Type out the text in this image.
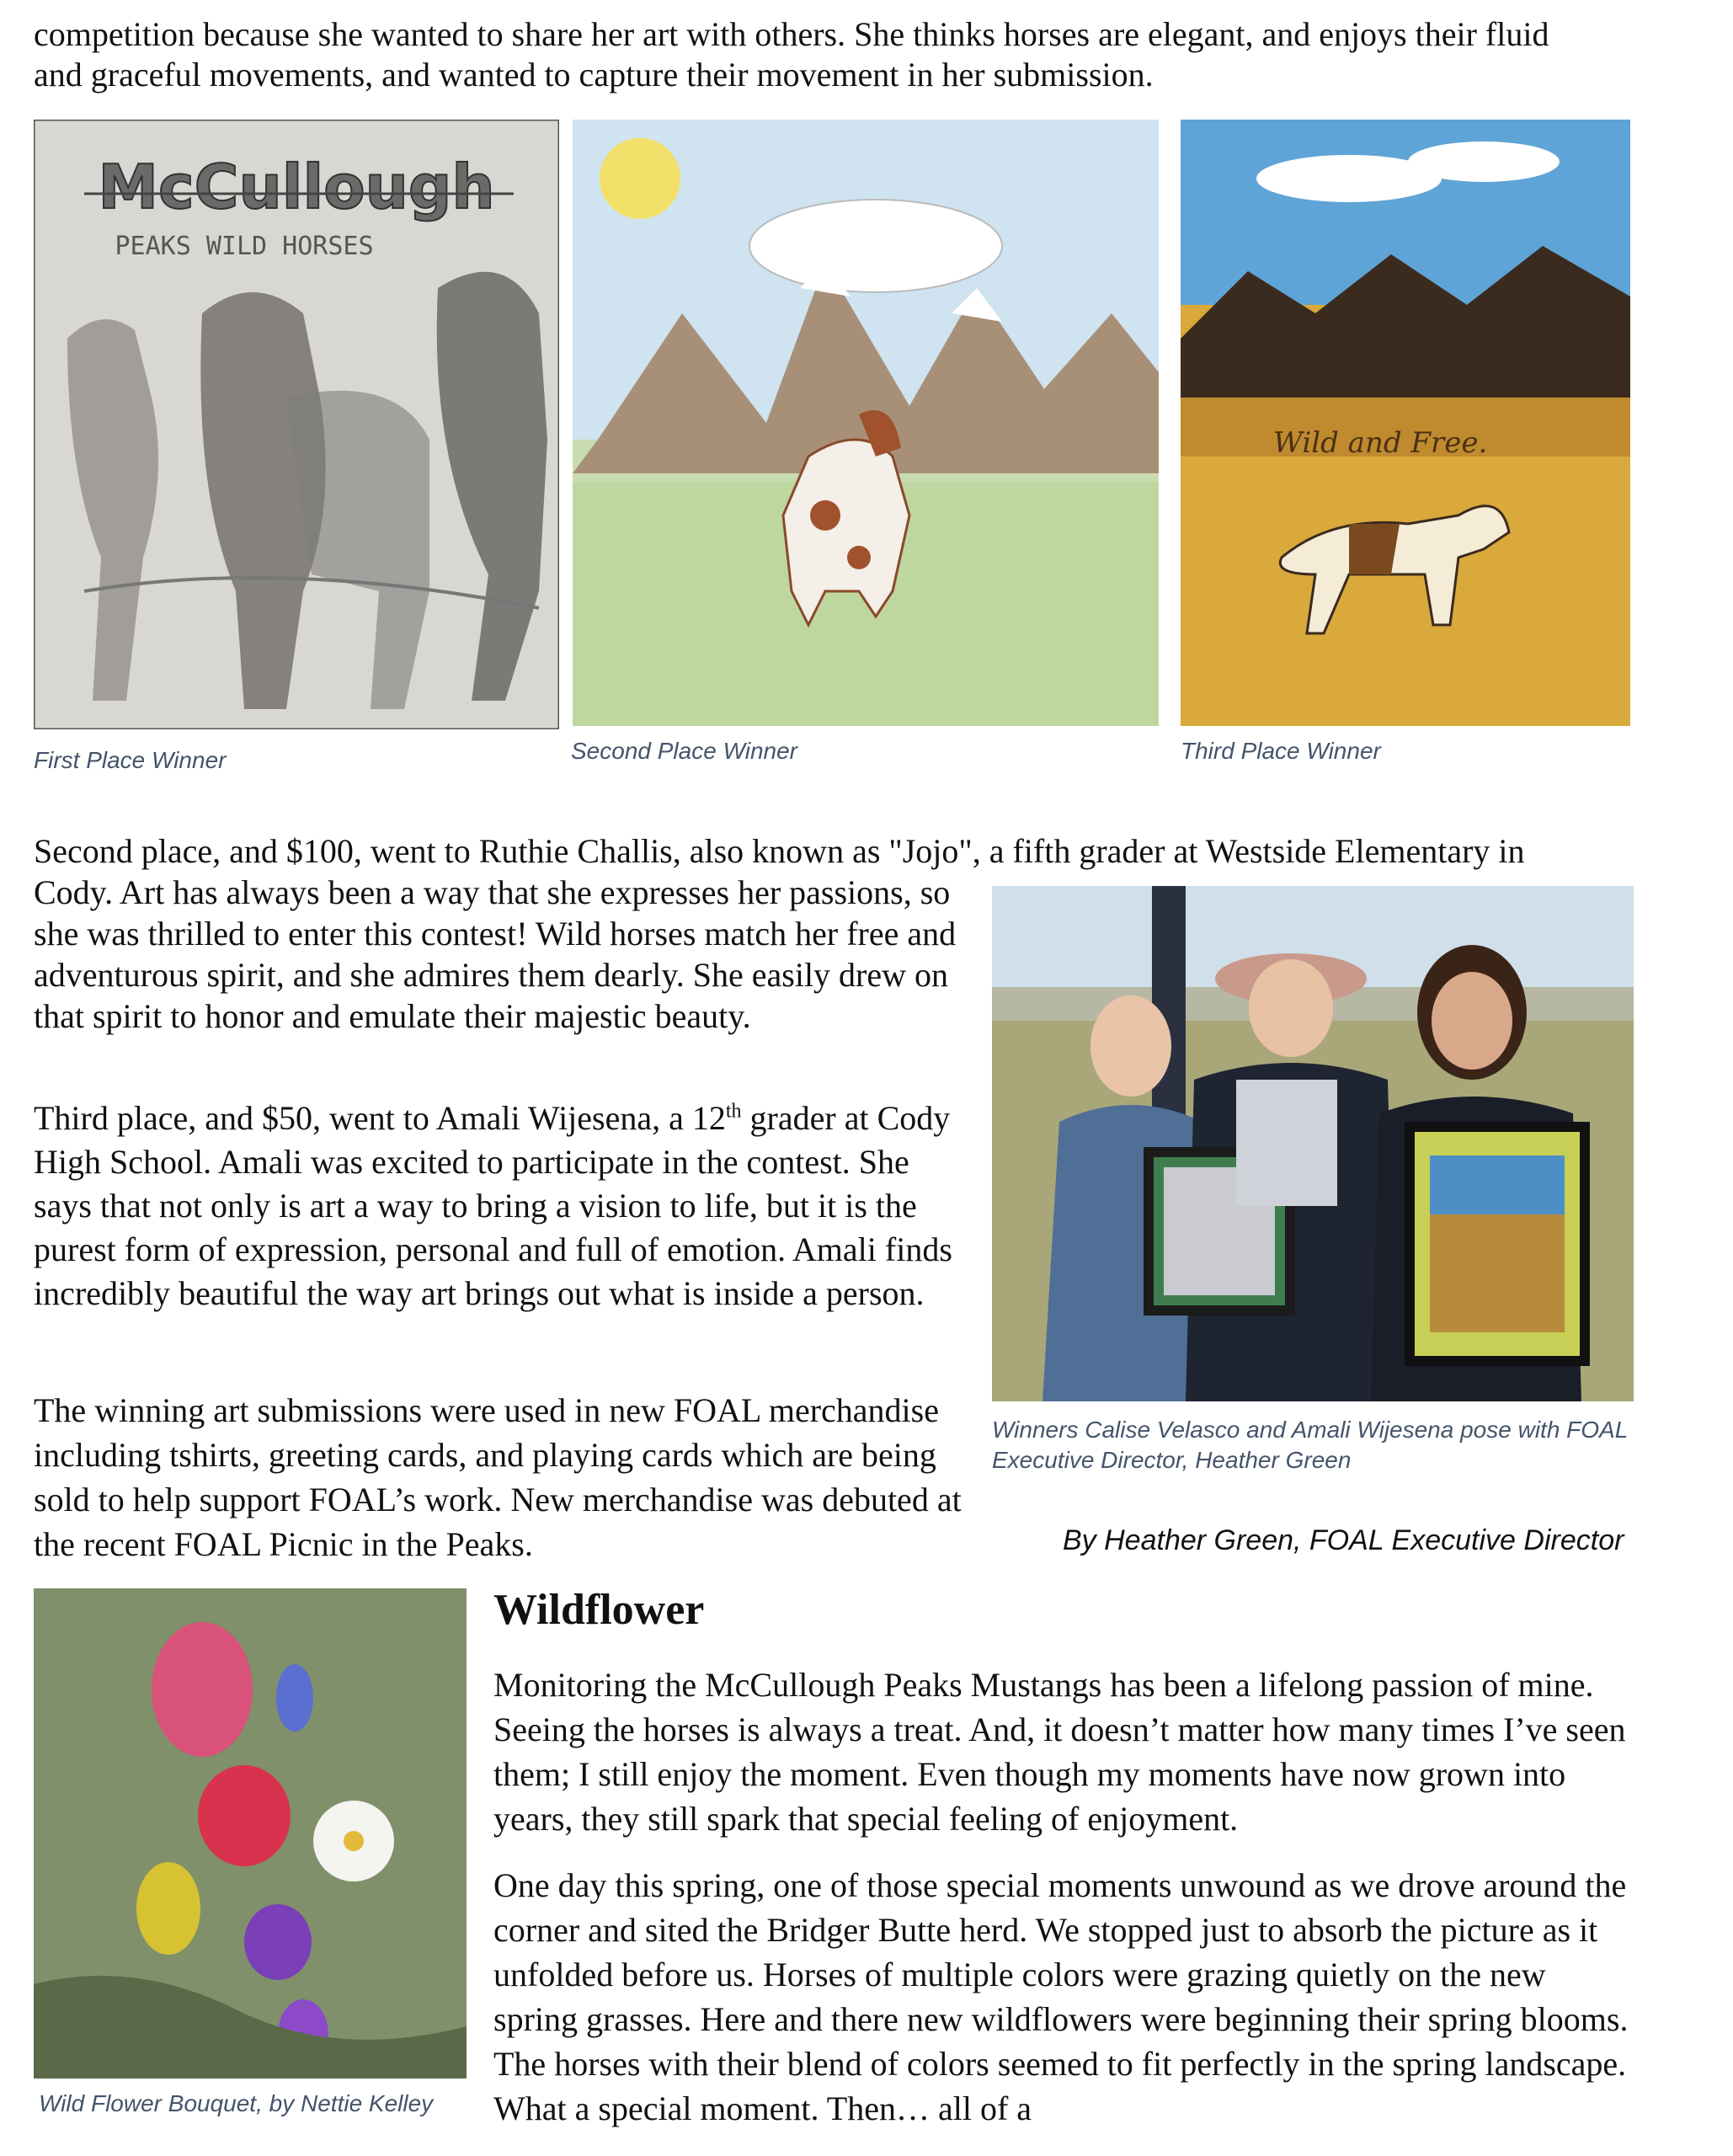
competition because she wanted to share her art with others. She thinks horses are elegant, and enjoys their fluid

and graceful movements, and wanted to capture their movement in her submission.

McCullough
PEAKS WILD HORSES

First Place Winner	Second Place Winner

Wild and Free.

Third Place Winner

Second place, and $100, went to Ruthie Challis, also known as "Jojo", a fifth grader at Westside Elementary in

Cody. Art has always been a way that she expresses her passions, so she was thrilled to enter this contest! Wild horses match her free and adventurous spirit, and she admires them dearly. She easily drew on that spirit to honor and emulate their majestic beauty.

Third place, and $50, went to Amali Wijesena, a 12th grader at Cody High School. Amali was excited to participate in the contest. She says that not only is art a way to bring a vision to life, but it is the purest form of expression, personal and full of emotion. Amali finds incredibly beautiful the way art brings out what is inside a person.

The winning art submissions were used in new FOAL merchandise including tshirts, greeting cards, and playing cards which are being sold to help support FOAL’s work. New merchandise was debuted at the recent FOAL Picnic in the Peaks.

Winners Calise Velasco and Amali Wijesena pose with FOAL Executive Director, Heather Green

By Heather Green, FOAL Executive Director

Wild Flower Bouquet, by Nettie Kelley

Wildflower

Monitoring the McCullough Peaks Mustangs has been a lifelong passion of mine. Seeing the horses is always a treat. And, it doesn’t matter how many times I’ve seen them; I still enjoy the moment. Even though my moments have now grown into years, they still spark that special feeling of enjoyment.

One day this spring, one of those special moments unwound as we drove around the corner and sited the Bridger Butte herd. We stopped just to absorb the picture as it unfolded before us. Horses of multiple colors were grazing quietly on the new spring grasses. Here and there new wildflowers were beginning their spring blooms. The horses with their blend of colors seemed to fit perfectly in the spring landscape. What a special moment. Then… all of a
